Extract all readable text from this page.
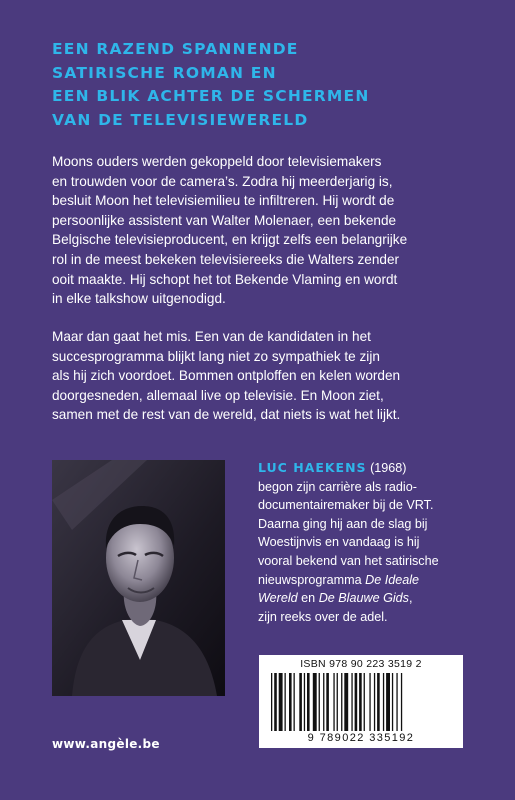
EEN RAZEND SPANNENDE
SATIRISCHE ROMAN EN
EEN BLIK ACHTER DE SCHERMEN
VAN DE TELEVISIEWERELD

Moons ouders werden gekoppeld door televisiemakers
en trouwden voor de camera’s. Zodra hij meerderjarig is,
besluit Moon het televisiemilieu te infiltreren. Hij wordt de
persoonlijke assistent van Walter Molenaer, een bekende
Belgische televisieproducent, en krijgt zelfs een belangrijke
rol in de meest bekeken televisiereeks die Walters zender
ooit maakte. Hij schopt het tot Bekende Vlaming en wordt
in elke talkshow uitgenodigd.

Maar dan gaat het mis. Een van de kandidaten in het
succesprogramma blijkt lang niet zo sympathiek te zijn
als hij zich voordoet. Bommen ontploffen en kelen worden
doorgesneden, allemaal live op televisie. En Moon ziet,
samen met de rest van de wereld, dat niets is wat het lijkt.

LUC HAEKENS (1968)
begon zijn carrière als radio-
documentairemaker bij de VRT.
Daarna ging hij aan de slag bij
Woestijnvis en vandaag is hij
vooral bekend van het satirische
nieuwsprogramma De Ideale
Wereld en De Blauwe Gids,
zijn reeks over de adel.
ISBN 978 90 223 3519 2
9 789022 335192
www.angèle.be
